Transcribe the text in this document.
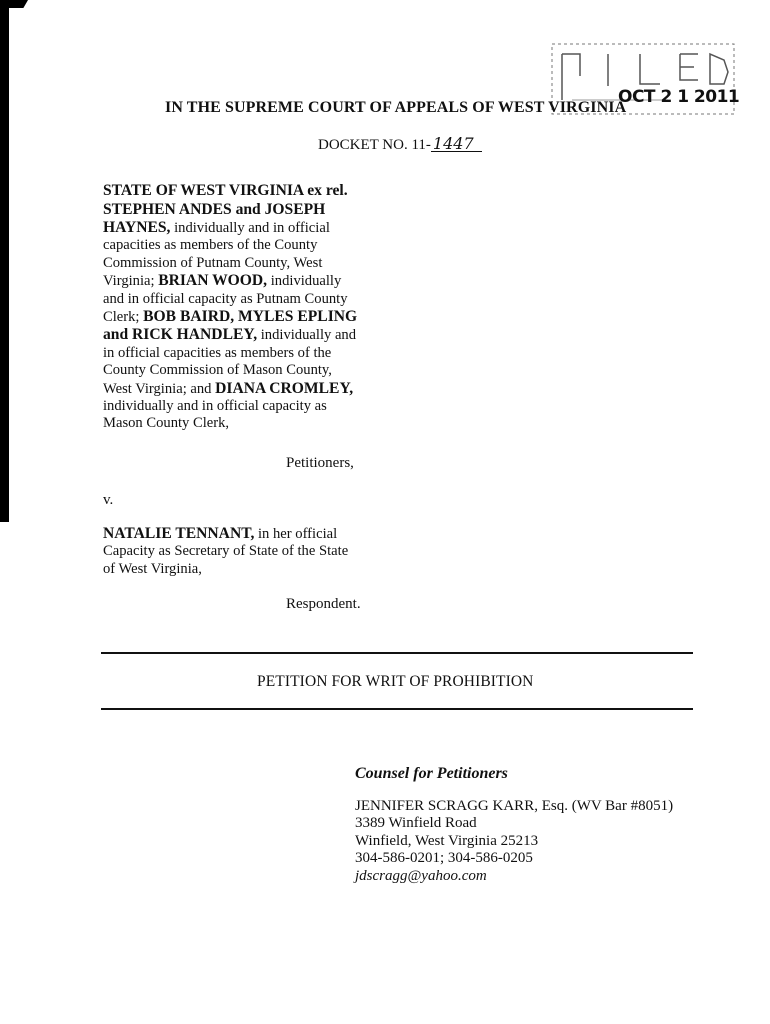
OCT 2 1 2011
IN THE SUPREME COURT OF APPEALS OF WEST VIRGINIA
DOCKET NO. 11- 1447
STATE OF WEST VIRGINIA ex rel.
STEPHEN ANDES and JOSEPH
HAYNES, individually and in official
capacities as members of the County
Commission of Putnam County, West
Virginia; BRIAN WOOD, individually
and in official capacity as Putnam County
Clerk; BOB BAIRD, MYLES EPLING
and RICK HANDLEY, individually and
in official capacities as members of the
County Commission of Mason County,
West Virginia; and DIANA CROMLEY,
individually and in official capacity as
Mason County Clerk,
Petitioners,
v.
NATALIE TENNANT, in her official
Capacity as Secretary of State of the State
of West Virginia,
Respondent.
PETITION FOR WRIT OF PROHIBITION
Counsel for Petitioners
JENNIFER SCRAGG KARR, Esq. (WV Bar #8051)
3389 Winfield Road
Winfield, West Virginia 25213
304-586-0201; 304-586-0205
jdscragg@yahoo.com
